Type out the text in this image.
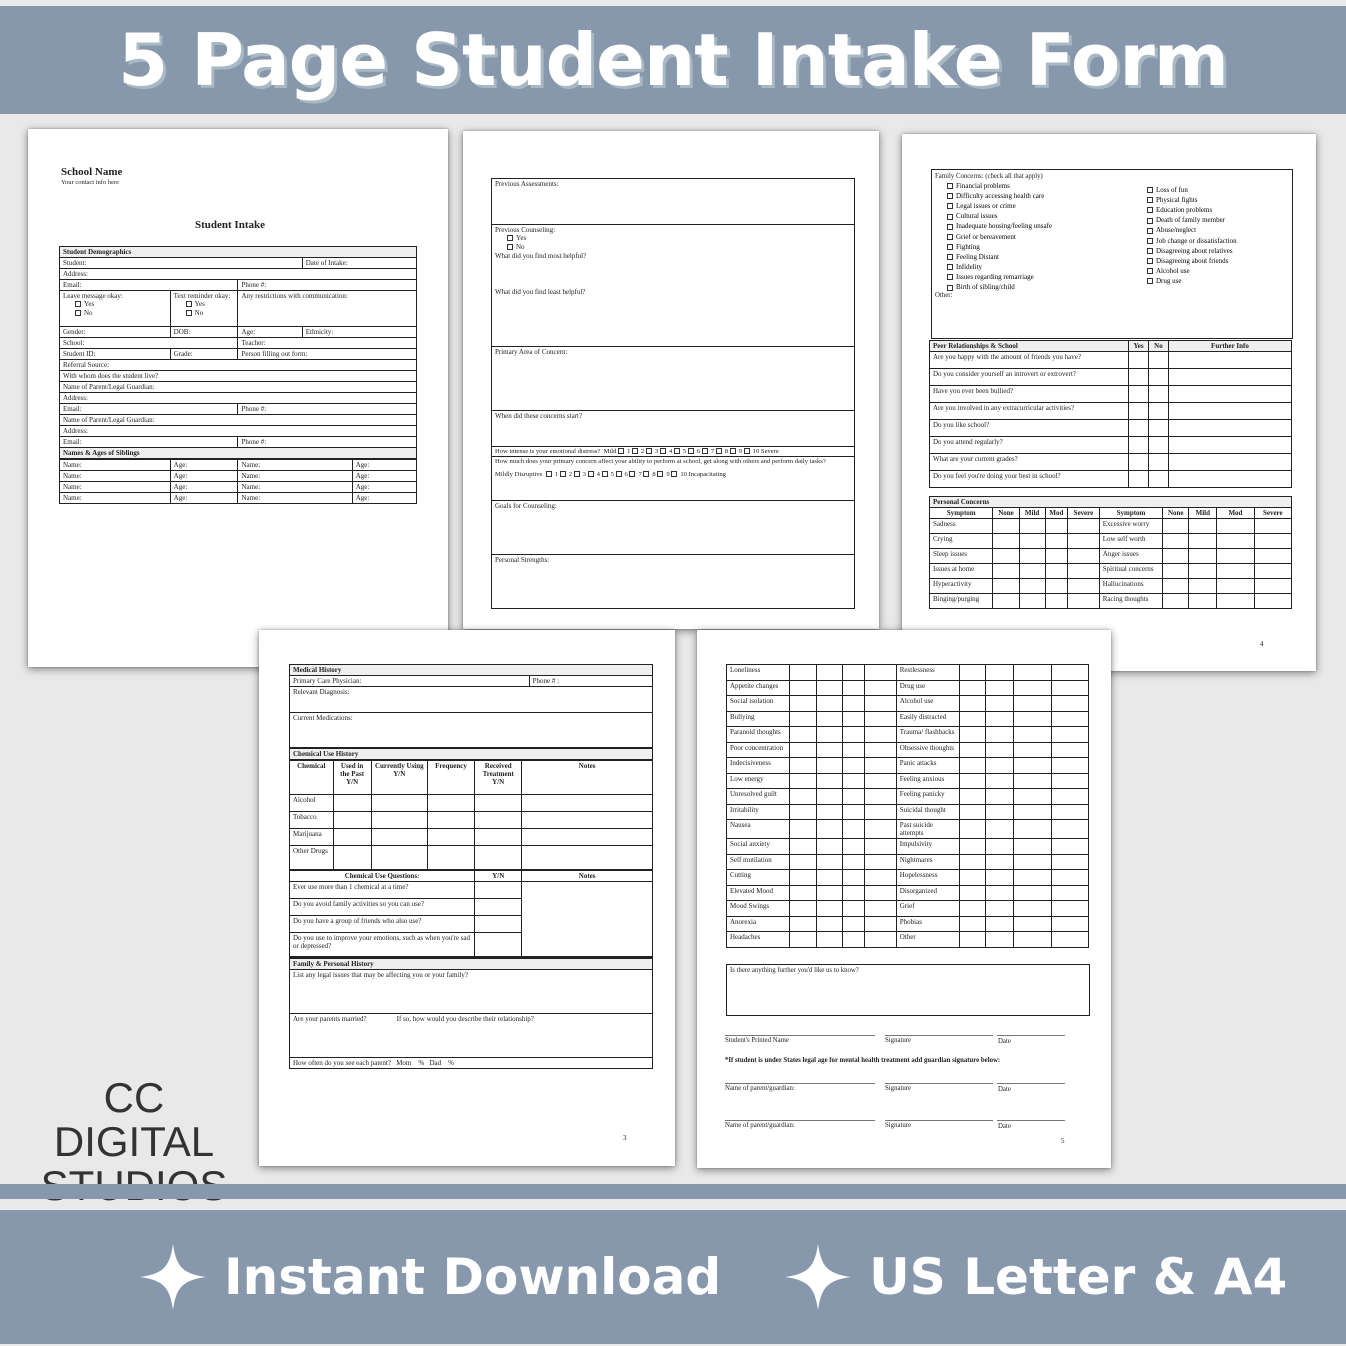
5 Page Student Intake Form
School Name
Your contact info here
Student Intake
Student Demographics			
Student:			Date of Intake:
Address:			
Email:		Phone #:	

Leave message okay:
Yes
No

Text reminder okay:
Yes
No
	Any restrictions with communication:
Gender:	DOB:	Age:	Ethnicity:
School:		Teacher:	
Student ID:	Grade:	Person filling out form:	
Referral Source:			
With whom does the student live?			
Name of Parent/Legal Guardian:			
Address:			
Email:		Phone #:	
Name of Parent/Legal Guardian:			
Address:			
Email:		Phone #:	
Names & Ages of Siblings			
Name:	Age:	Name:	Age:
Name:	Age:	Name:	Age:
Name:	Age:	Name:	Age:
Name:	Age:	Name:	Age:
Previous Assessments:

Previous Counseling:
Yes
No
What did you find most helpful?
What did you find least helpful?

Primary Area of Concern:
When did these concerns start?
How intense is your emotional distress? Mild 1 2 3 4 5 6 7 8 9 10 Severe

How much does your primary concern affect your ability to perform at school, get along with others and perform daily tasks?
Mildly Disruptive 1 2 3 4 5 6 7 8 9 10 Incapacitating

Goals for Counseling:
Personal Strengths:
Family Concerns: (check all that apply)
Financial problems
Difficulty accessing health care
Legal issues or crime
Cultural issues
Inadequate housing/feeling unsafe
Grief or bereavement
Fighting
Feeling Distant
Infidelity
Issues regarding remarriage
Birth of sibling/child
Loss of fun
Physical fights
Education problems
Death of family member
Abuse/neglect
Job change or dissatisfaction
Disagreeing about relatives
Disagreeing about friends
Alcohol use
Drug use
Other:
Peer Relationships & School	Yes	No	Further Info
Are you happy with the amount of friends you have?			
Do you consider yourself an introvert or extrovert?			
Have you ever been bullied?			
Are you involved in any extracurricular activities?			
Do you like school?			
Do you attend regularly?			
What are your current grades?			
Do you feel you're doing your best in school?			
Personal Concerns									
Symptom	None	Mild	Mod	Severe	Symptom	None	Mild	Mod	Severe
Sadness					Excessive worry				
Crying					Low self worth				
Sleep issues					Anger issues				
Issues at home					Spiritual concerns				
Hyperactivity					Hallucinations				
Binging/purging					Racing thoughts				
4
Medical History
Primary Care Physician:	Phone # :
Relevant Diagnosis:
Current Medications:
Chemical Use History
Chemical	Used in the Past Y/N	Currently Using Y/N	Frequency	Received Treatment Y/N	Notes
Alcohol					
Tobacco					
Marijuana					
Other Drugs					
Chemical Use Questions:	Y/N	Notes
Ever use more than 1 chemical at a time?		
Do you avoid family activities so you can use?		
Do you have a group of friends who also use?		
Do you use to improve your emotions, such as when you're sad or depressed?		
Family & Personal History
List any legal issues that may be affecting you or your family?
Are your parents married?	If so, how would you describe their relationship?
How often do you see each patent?   Mom    %   Dad    %
3
Loneliness					Restlessness				
Appetite changes					Drug use				
Social isolation					Alcohol use				
Bullying					Easily distracted				
Paranoid thoughts					Trauma/ flashbacks				
Poor concentration					Obsessive thoughts				
Indecisiveness					Panic attacks				
Low energy					Feeling anxious				
Unresolved guilt					Feeling panicky				
Irritability					Suicidal thought				
Nausea					Past suicide attempts				
Social anxiety					Impulsivity				
Self mutilation					Nightmares				
Cutting					Hopelessness				
Elevated Mood					Disorganized				
Mood Swings					Grief				
Anorexia					Phobias				
Headaches					Other				
Is there anything further you'd like us to know?
Student's Printed Name	Signature	Date
*If student is under States legal age for mental health treatment add guardian signature below:
Name of parent/guardian:	Signature	Date
Name of parent/guardian:	Signature	Date
5
CC DIGITAL
Instant Download	US Letter & A4
